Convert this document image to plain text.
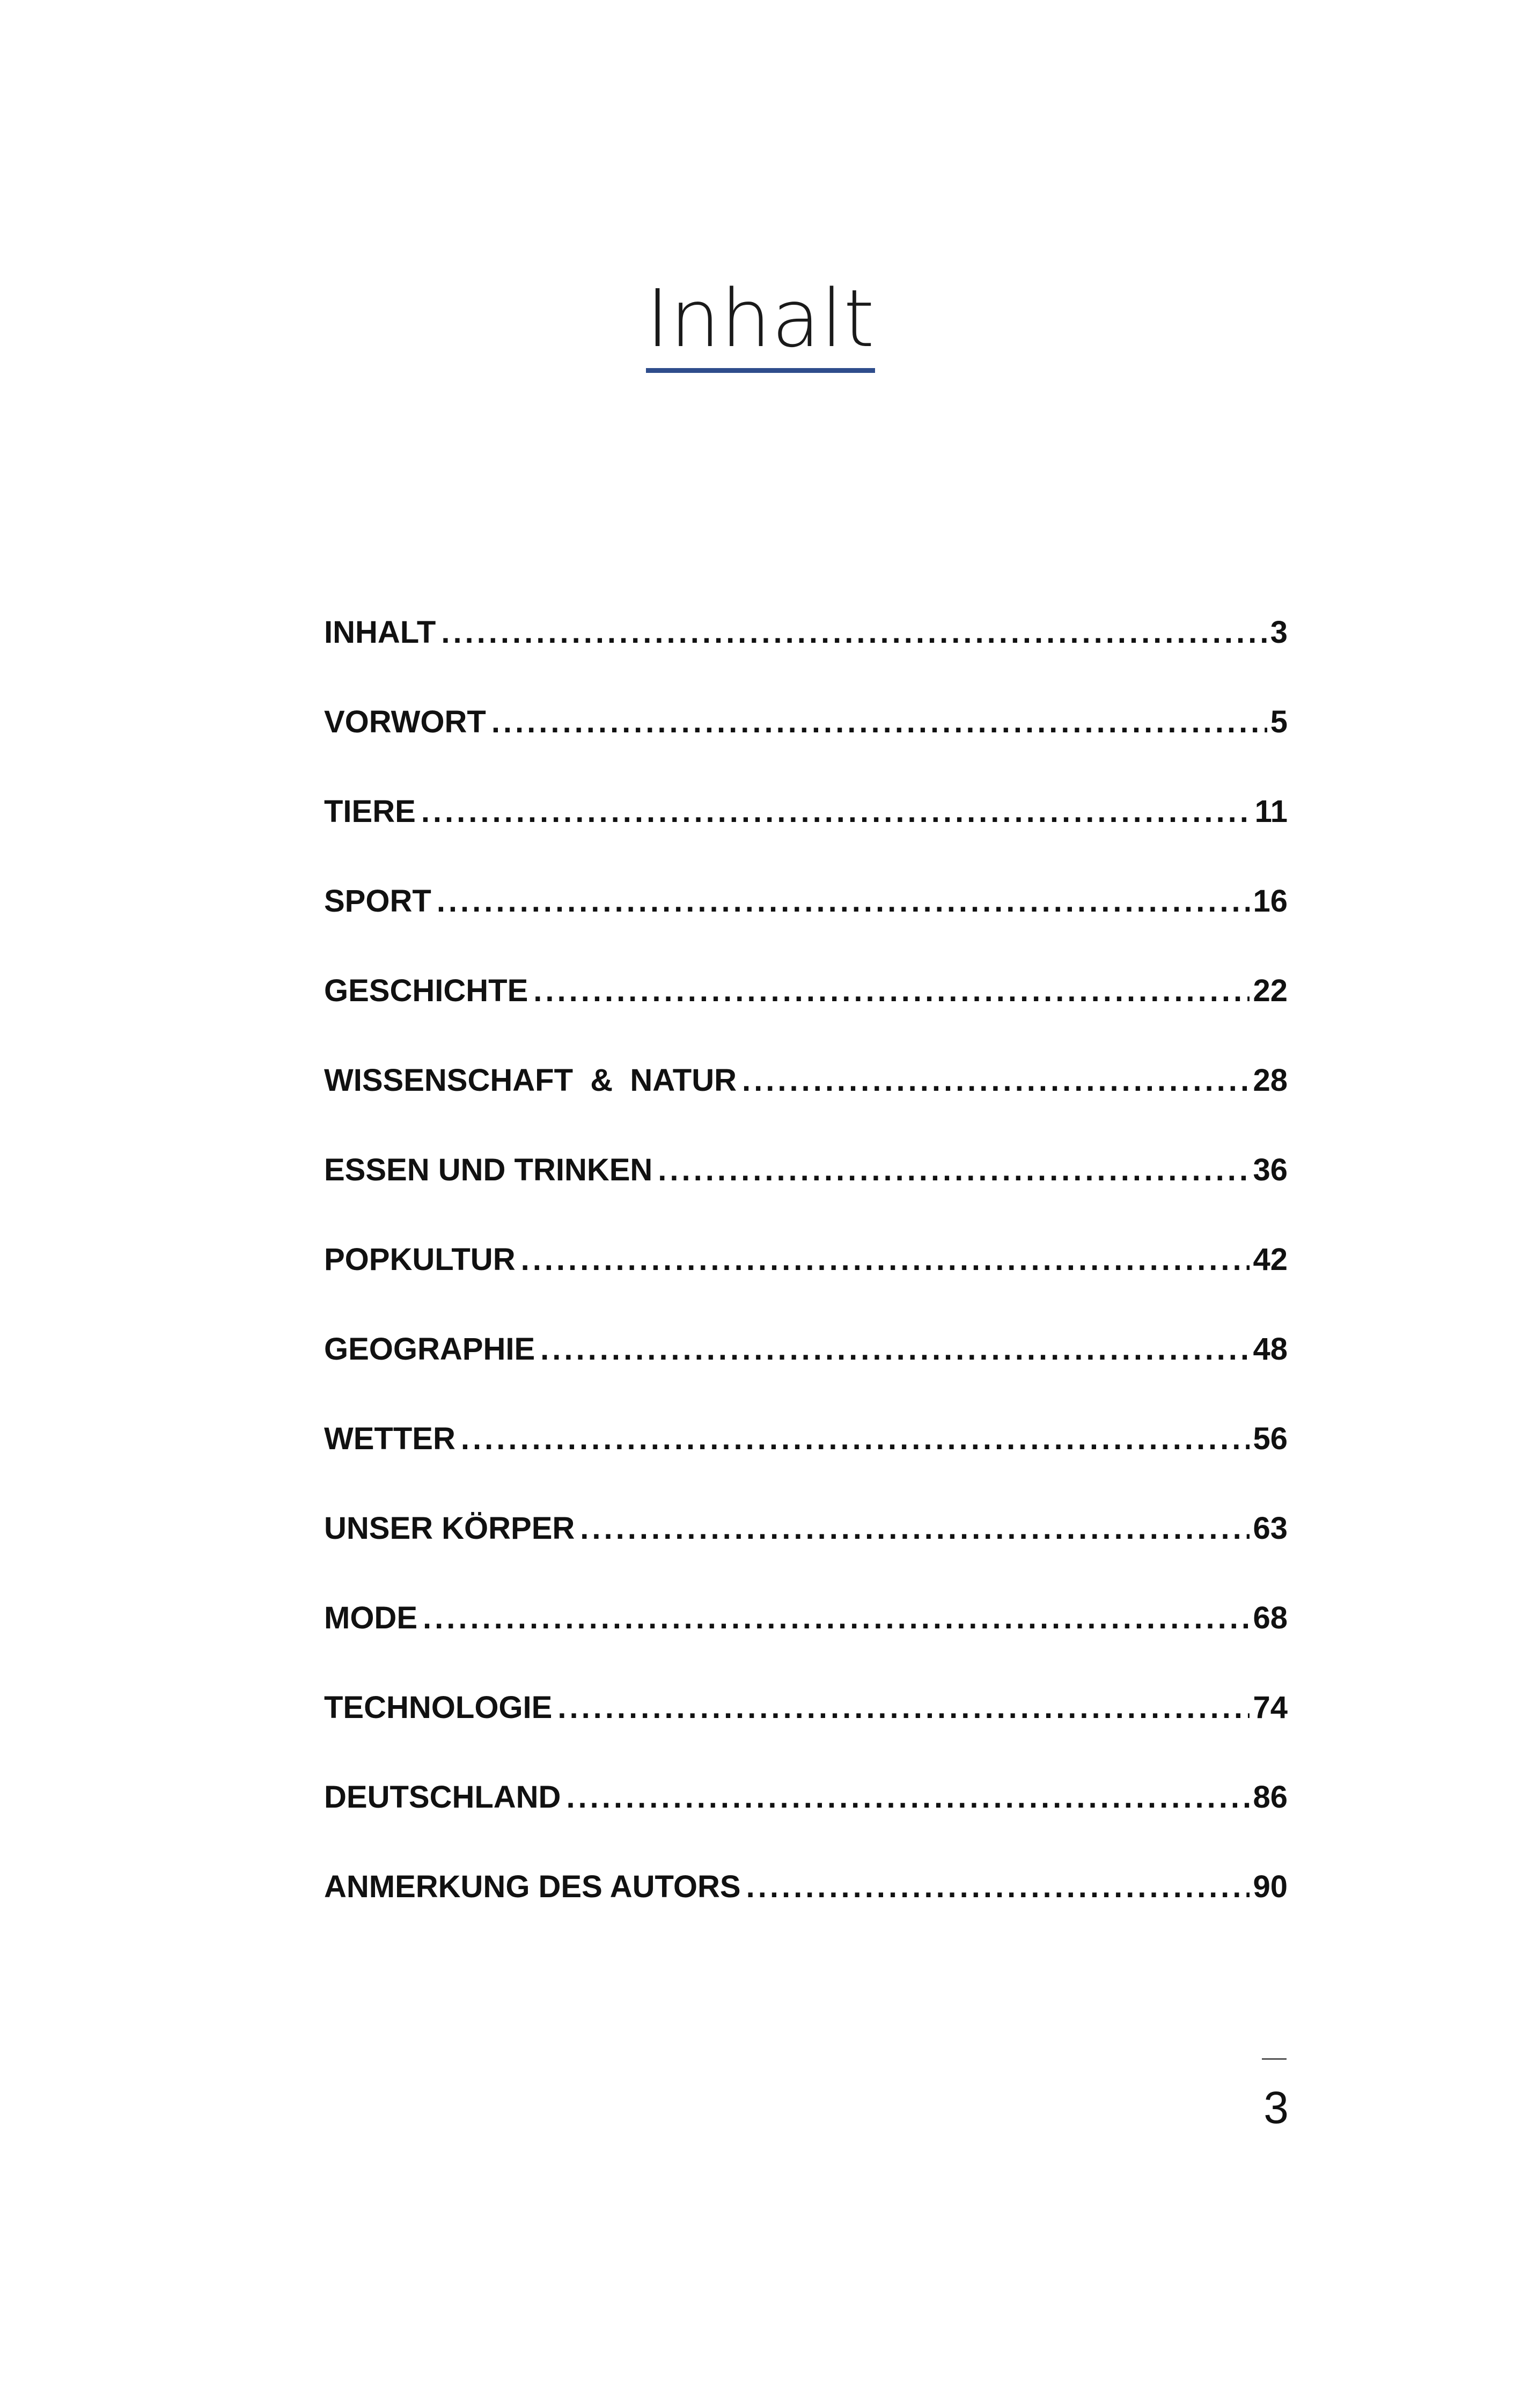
Inhalt
INHALT .....	3
VORWORT .....	5
TIERE .....	11
SPORT .....	16
GESCHICHTE .....	22
WISSENSCHAFT  &  NATUR .....	28
ESSEN UND TRINKEN .....	36
POPKULTUR .....	42
GEOGRAPHIE .....	48
WETTER .....	56
UNSER KÖRPER .....	63
MODE .....	68
TECHNOLOGIE .....	74
DEUTSCHLAND .....	86
ANMERKUNG DES AUTORS .....	90
3
